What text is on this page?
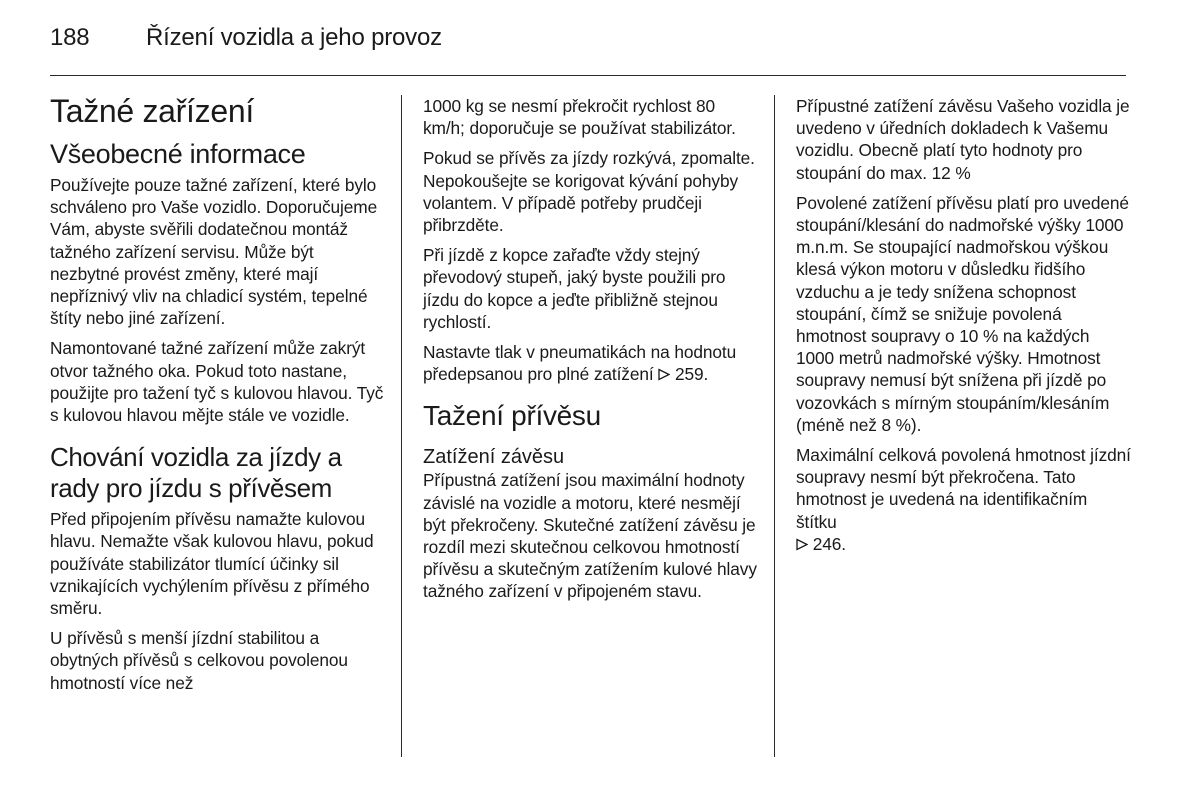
188 Řízení vozidla a jeho provoz
Tažné zařízení
Všeobecné informace

Používejte pouze tažné zařízení, které bylo schváleno pro Vaše vozidlo. Doporučujeme Vám, abyste svěřili dodatečnou montáž tažného zařízení servisu. Může být nezbytné provést změny, které mají nepříznivý vliv na chladicí systém, tepelné štíty nebo jiné zařízení.

Namontované tažné zařízení může zakrýt otvor tažného oka. Pokud toto nastane, použijte pro tažení tyč s kulovou hlavou. Tyč s kulovou hlavou mějte stále ve vozidle.

Chování vozidla za jízdy a rady pro jízdu s přívěsem

Před připojením přívěsu namažte kulovou hlavu. Nemažte však kulovou hlavu, pokud používáte stabilizátor tlumící účinky sil vznikajících vychýlením přívěsu z přímého směru.

U přívěsů s menší jízdní stabilitou a obytných přívěsů s celkovou povolenou hmotností více než

1000 kg se nesmí překročit rychlost 80 km/h; doporučuje se používat stabilizátor.

Pokud se přívěs za jízdy rozkývá, zpomalte. Nepokoušejte se korigovat kývání pohyby volantem. V případě potřeby prudčeji přibrzděte.

Při jízdě z kopce zařaďte vždy stejný převodový stupeň, jaký byste použili pro jízdu do kopce a jeďte přibližně stejnou rychlostí.

Nastavte tlak v pneumatikách na hodnotu předepsanou pro plné zatížení 259.

Tažení přívěsu
Zatížení závěsu

Přípustná zatížení jsou maximální hodnoty závislé na vozidle a motoru, které nesmějí být překročeny. Skutečné zatížení závěsu je rozdíl mezi skutečnou celkovou hmotností přívěsu a skutečným zatížením kulové hlavy tažného zařízení v připojeném stavu.

Přípustné zatížení závěsu Vašeho vozidla je uvedeno v úředních dokladech k Vašemu vozidlu. Obecně platí tyto hodnoty pro stoupání do max. 12 %

Povolené zatížení přívěsu platí pro uvedené stoupání/klesání do nadmořské výšky 1000 m.n.m. Se stoupající nadmořskou výškou klesá výkon motoru v důsledku řidšího vzduchu a je tedy snížena schopnost stoupání, čímž se snižuje povolená hmotnost soupravy o 10 % na každých 1000 metrů nadmořské výšky. Hmotnost soupravy nemusí být snížena při jízdě po vozovkách s mírným stoupáním/klesáním (méně než 8 %).

Maximální celková povolená hmotnost jízdní soupravy nesmí být překročena. Tato hmotnost je uvedená na identifikačním štítku
246.
